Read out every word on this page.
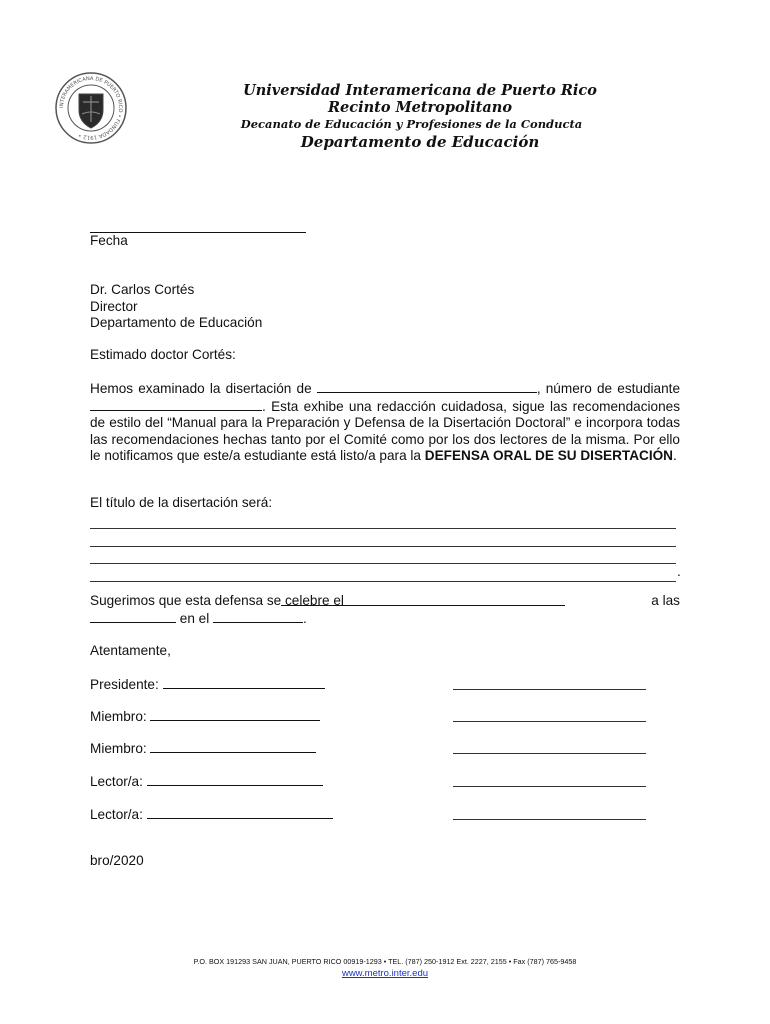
INTERAMERICANA DE PUERTO RICO • FUNDADA 1912 •
Universidad Interamericana de Puerto Rico
Recinto Metropolitano
Decanato de Educación y Profesiones de la Conducta
Departamento de Educación
Fecha
Dr. Carlos Cortés
Director
Departamento de Educación
Estimado doctor Cortés:
Hemos examinado la disertación de	, número de estudiante . Esta exhibe una redacción cuidadosa, sigue las recomendaciones de estilo del “Manual para la Preparación y Defensa de la Disertación Doctoral” e incorpora todas las recomendaciones hechas tanto por el Comité como por los dos lectores de la misma. Por ello le notificamos que este/a estudiante está listo/a para la DEFENSA ORAL DE SU DISERTACIÓN.
El título de la disertación será:
.
Sugerimos que esta defensa se celebre el	a las
en el	.
Atentamente,
Presidente:
Miembro:
Miembro:
Lector/a:
Lector/a:
bro/2020
P.O. BOX 191293 SAN JUAN, PUERTO RICO 00919-1293 • TEL. (787) 250-1912 Ext. 2227, 2155 • Fax (787) 765-9458
www.metro.inter.edu
